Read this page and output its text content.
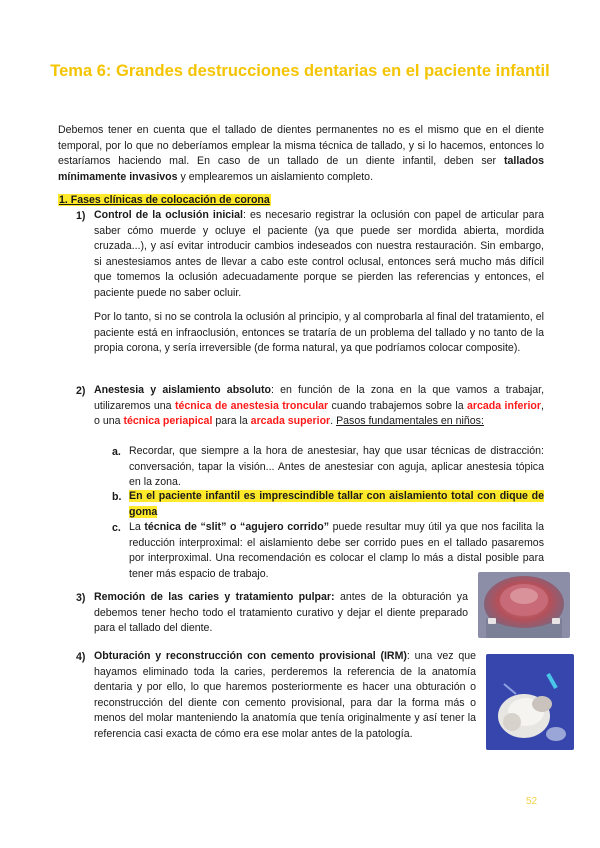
Tema 6: Grandes destrucciones dentarias en el paciente infantil
Debemos tener en cuenta que el tallado de dientes permanentes no es el mismo que en el diente temporal, por lo que no deberíamos emplear la misma técnica de tallado, y si lo hacemos, entonces lo estaríamos haciendo mal. En caso de un tallado de un diente infantil, deben ser tallados mínimamente invasivos y emplearemos un aislamiento completo.
1. Fases clínicas de colocación de corona
1) Control de la oclusión inicial: es necesario registrar la oclusión con papel de articular para saber cómo muerde y ocluye el paciente (ya que puede ser mordida abierta, mordida cruzada...), y así evitar introducir cambios indeseados con nuestra restauración. Sin embargo, si anestesiamos antes de llevar a cabo este control oclusal, entonces será mucho más difícil que tomemos la oclusión adecuadamente porque se pierden las referencias y entonces, el paciente puede no saber ocluir.
Por lo tanto, si no se controla la oclusión al principio, y al comprobarla al final del tratamiento, el paciente está en infraoclusión, entonces se trataría de un problema del tallado y no tanto de la propia corona, y sería irreversible (de forma natural, ya que podríamos colocar composite).
2) Anestesia y aislamiento absoluto: en función de la zona en la que vamos a trabajar, utilizaremos una técnica de anestesia troncular cuando trabajemos sobre la arcada inferior, o una técnica periapical para la arcada superior. Pasos fundamentales en niños:
a. Recordar, que siempre a la hora de anestesiar, hay que usar técnicas de distracción: conversación, tapar la visión... Antes de anestesiar con aguja, aplicar anestesia tópica en la zona.
b. En el paciente infantil es imprescindible tallar con aislamiento total con dique de goma
c. La técnica de “slit” o “agujero corrido” puede resultar muy útil ya que nos facilita la reducción interproximal: el aislamiento debe ser corrido pues en el tallado pasaremos por interproximal. Una recomendación es colocar el clamp lo más a distal posible para tener más espacio de trabajo.
3) Remoción de las caries y tratamiento pulpar: antes de la obturación ya debemos tener hecho todo el tratamiento curativo y dejar el diente preparado para el tallado del diente.
4) Obturación y reconstrucción con cemento provisional (IRM): una vez que hayamos eliminado toda la caries, perderemos la referencia de la anatomía dentaria y por ello, lo que haremos posteriormente es hacer una obturación o reconstrucción del diente con cemento provisional, para dar la forma más o menos del molar manteniendo la anatomía que tenía originalmente y así tener la referencia casi exacta de cómo era ese molar antes de la patología.
52
